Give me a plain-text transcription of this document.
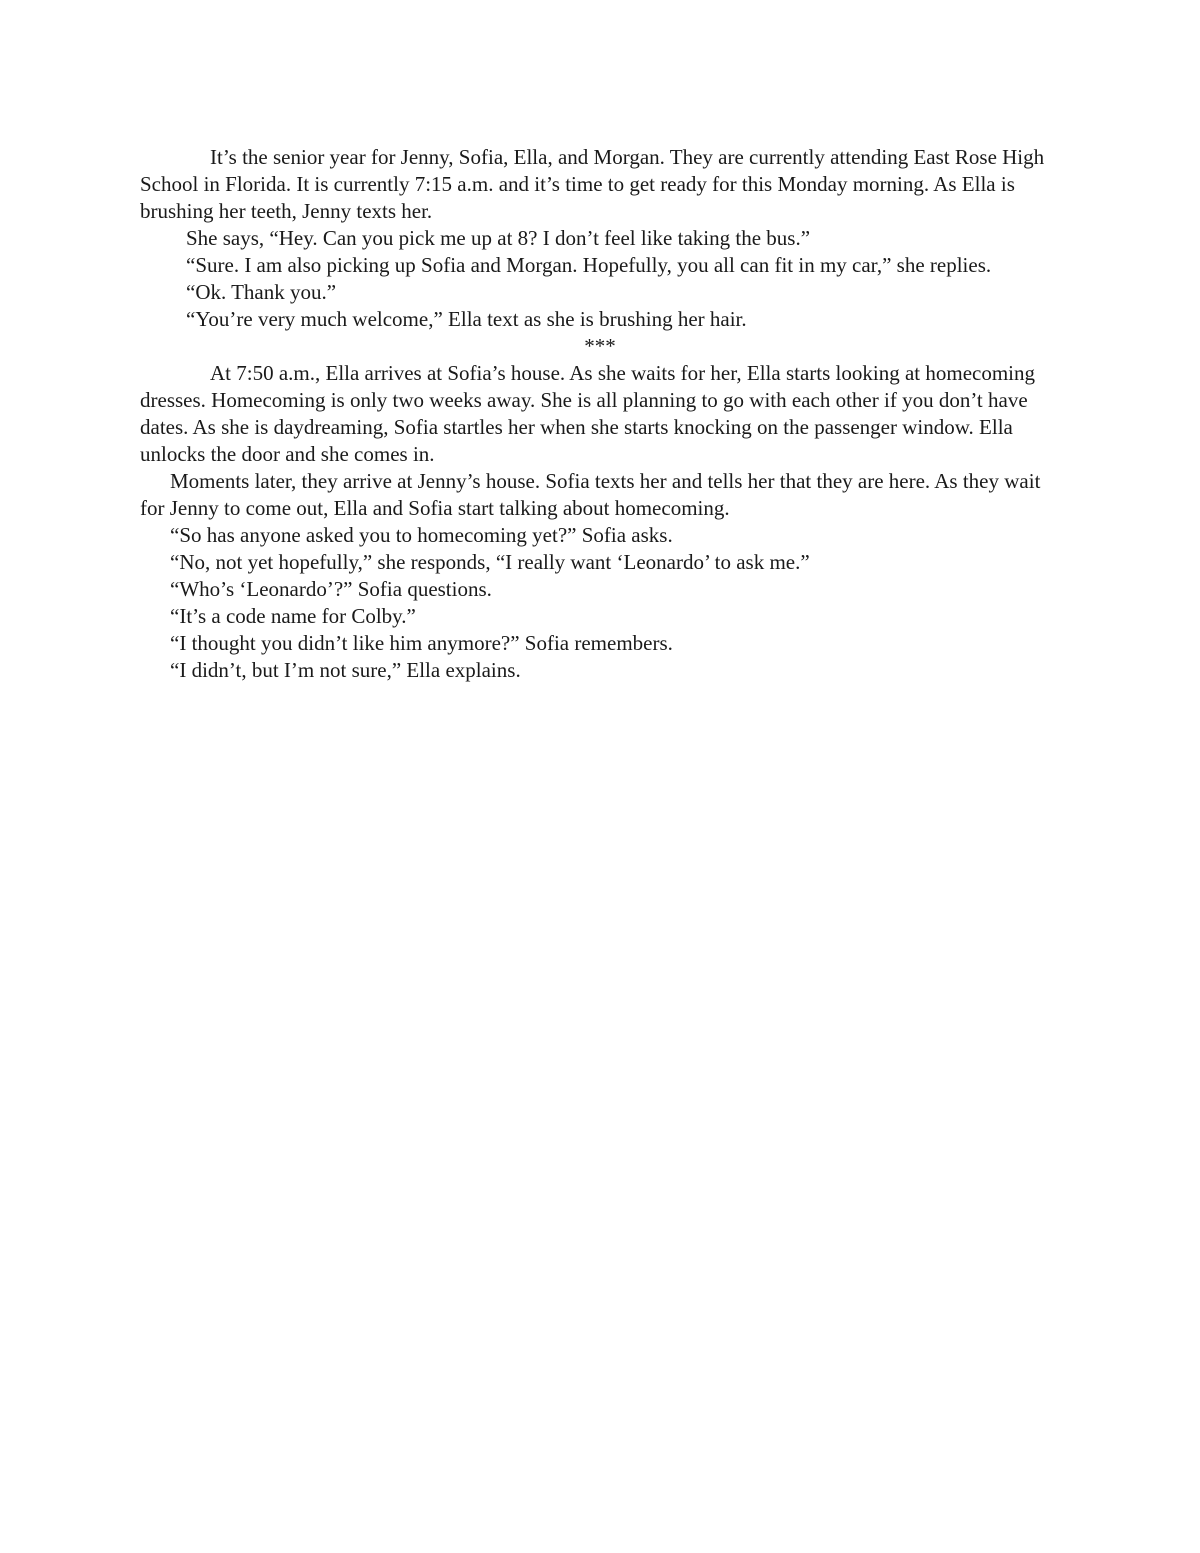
It’s the senior year for Jenny, Sofia, Ella, and Morgan. They are currently attending East Rose High School in Florida. It is currently 7:15 a.m. and it’s time to get ready for this Monday morning. As Ella is brushing her teeth, Jenny texts her.

She says, “Hey. Can you pick me up at 8? I don’t feel like taking the bus.”

“Sure. I am also picking up Sofia and Morgan. Hopefully, you all can fit in my car,” she replies.

“Ok. Thank you.”

“You’re very much welcome,” Ella text as she is brushing her hair.

***

At 7:50 a.m., Ella arrives at Sofia’s house. As she waits for her, Ella starts looking at homecoming dresses. Homecoming is only two weeks away. She is all planning to go with each other if you don’t have dates. As she is daydreaming, Sofia startles her when she starts knocking on the passenger window. Ella unlocks the door and she comes in.

Moments later, they arrive at Jenny’s house. Sofia texts her and tells her that they are here. As they wait for Jenny to come out, Ella and Sofia start talking about homecoming.

“So has anyone asked you to homecoming yet?” Sofia asks.

“No, not yet hopefully,” she responds, “I really want ‘Leonardo’ to ask me.”

“Who’s ‘Leonardo’?” Sofia questions.

“It’s a code name for Colby.”

“I thought you didn’t like him anymore?” Sofia remembers.

“I didn’t, but I’m not sure,” Ella explains.
